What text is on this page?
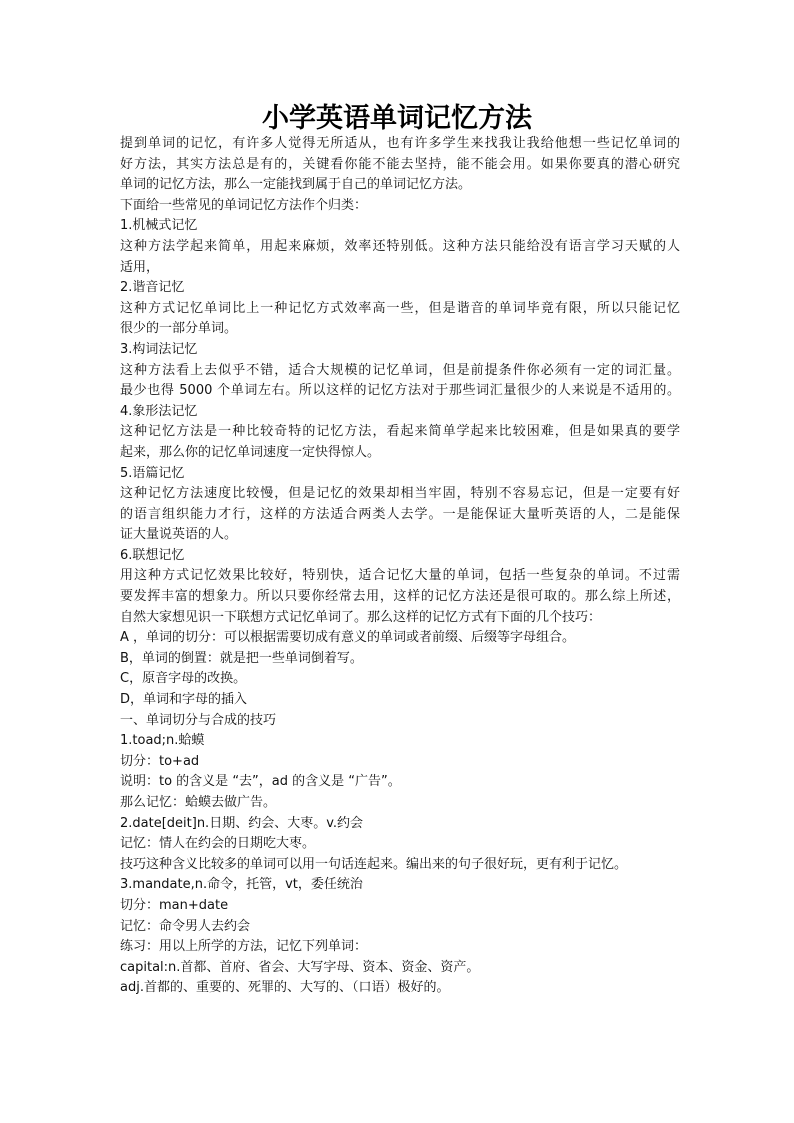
小学英语单词记忆方法
提到单词的记忆，有许多人觉得无所适从，也有许多学生来找我让我给他想一些记忆单词的
好方法，其实方法总是有的，关键看你能不能去坚持，能不能会用。如果你要真的潜心研究
单词的记忆方法，那么一定能找到属于自己的单词记忆方法。
下面给一些常见的单词记忆方法作个归类：
1.机械式记忆
这种方法学起来简单，用起来麻烦，效率还特别低。这种方法只能给没有语言学习天赋的人
适用，
2.谐音记忆
这种方式记忆单词比上一种记忆方式效率高一些，但是谐音的单词毕竟有限，所以只能记忆
很少的一部分单词。
3.构词法记忆
这种方法看上去似乎不错，适合大规模的记忆单词，但是前提条件你必须有一定的词汇量。
最少也得 5000 个单词左右。所以这样的记忆方法对于那些词汇量很少的人来说是不适用的。
4.象形法记忆
这种记忆方法是一种比较奇特的记忆方法，看起来简单学起来比较困难，但是如果真的要学
起来，那么你的记忆单词速度一定快得惊人。
5.语篇记忆
这种记忆方法速度比较慢，但是记忆的效果却相当牢固，特别不容易忘记，但是一定要有好
的语言组织能力才行，这样的方法适合两类人去学。一是能保证大量听英语的人，二是能保
证大量说英语的人。
6.联想记忆
用这种方式记忆效果比较好，特别快，适合记忆大量的单词，包括一些复杂的单词。不过需
要发挥丰富的想象力。所以只要你经常去用，这样的记忆方法还是很可取的。那么综上所述，
自然大家想见识一下联想方式记忆单词了。那么这样的记忆方式有下面的几个技巧：
A ，单词的切分：可以根据需要切成有意义的单词或者前缀、后缀等字母组合。
B，单词的倒置：就是把一些单词倒着写。
C，原音字母的改换。
D，单词和字母的插入
一、单词切分与合成的技巧
1.toad;n.蛤蟆
切分：to+ad
说明：to 的含义是 “去”，ad 的含义是 “广告”。
那么记忆：蛤蟆去做广告。
2.date[deit]n.日期、约会、大枣。v.约会
记忆：情人在约会的日期吃大枣。
技巧这种含义比较多的单词可以用一句话连起来。编出来的句子很好玩，更有利于记忆。
3.mandate,n.命令，托管，vt，委任统治
切分：man+date
记忆：命令男人去约会
练习：用以上所学的方法，记忆下列单词：
capital:n.首都、首府、省会、大写字母、资本、资金、资产。
adj.首都的、重要的、死罪的、大写的、（口语）极好的。
